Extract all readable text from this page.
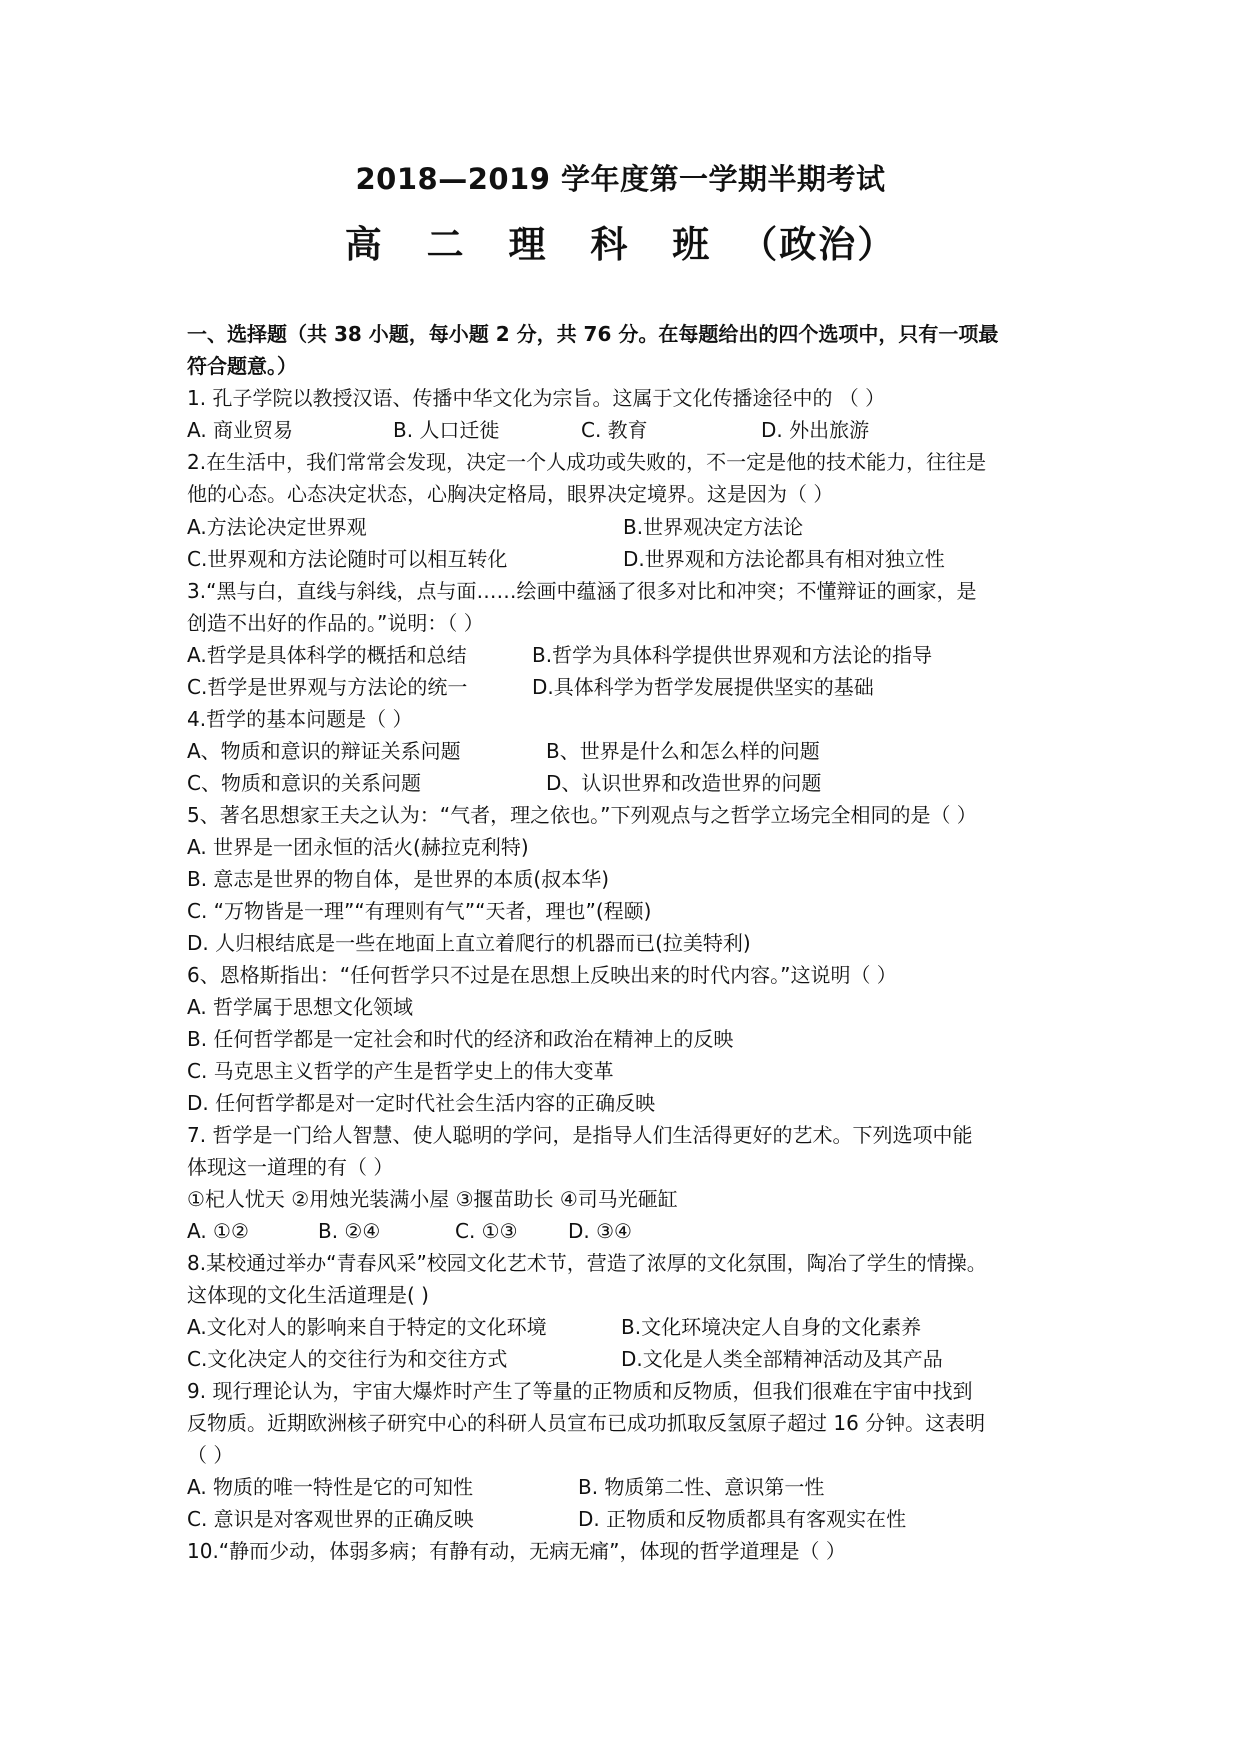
2018—2019 学年度第一学期半期考试
高 二 理 科 班 （政治）
一、选择题（共 38 小题，每小题 2 分，共 76 分。在每题给出的四个选项中，只有一项最
符合题意。）
1. 孔子学院以教授汉语、传播中华文化为宗旨。这属于文化传播途径中的 （ ）
A. 商业贸易	B. 人口迁徙	C. 教育	D. 外出旅游
2.在生活中，我们常常会发现，决定一个人成功或失败的，不一定是他的技术能力，往往是
他的心态。心态决定状态，心胸决定格局，眼界决定境界。这是因为（ ）
A.方法论决定世界观	B.世界观决定方法论
C.世界观和方法论随时可以相互转化	D.世界观和方法论都具有相对独立性
3.“黑与白，直线与斜线，点与面……绘画中蕴涵了很多对比和冲突；不懂辩证的画家，是
创造不出好的作品的。”说明：（ ）
A.哲学是具体科学的概括和总结	B.哲学为具体科学提供世界观和方法论的指导
C.哲学是世界观与方法论的统一	D.具体科学为哲学发展提供坚实的基础
4.哲学的基本问题是（ ）
A、物质和意识的辩证关系问题	B、世界是什么和怎么样的问题
C、物质和意识的关系问题	D、认识世界和改造世界的问题
5、著名思想家王夫之认为：“气者，理之依也。”下列观点与之哲学立场完全相同的是（ ）
A. 世界是一团永恒的活火(赫拉克利特)
B. 意志是世界的物自体，是世界的本质(叔本华)
C. “万物皆是一理”“有理则有气”“天者，理也”(程颐)
D. 人归根结底是一些在地面上直立着爬行的机器而已(拉美特利)
6、恩格斯指出：“任何哲学只不过是在思想上反映出来的时代内容。”这说明（ ）
A. 哲学属于思想文化领域
B. 任何哲学都是一定社会和时代的经济和政治在精神上的反映
C. 马克思主义哲学的产生是哲学史上的伟大变革
D. 任何哲学都是对一定时代社会生活内容的正确反映
7. 哲学是一门给人智慧、使人聪明的学问，是指导人们生活得更好的艺术。下列选项中能
体现这一道理的有（ ）
①杞人忧天 ②用烛光装满小屋 ③揠苗助长 ④司马光砸缸
A. ①②	B. ②④	C. ①③	D. ③④
8.某校通过举办“青春风采”校园文化艺术节，营造了浓厚的文化氛围，陶冶了学生的情操。
这体现的文化生活道理是( )
A.文化对人的影响来自于特定的文化环境	B.文化环境决定人自身的文化素养
C.文化决定人的交往行为和交往方式	D.文化是人类全部精神活动及其产品
9. 现行理论认为，宇宙大爆炸时产生了等量的正物质和反物质，但我们很难在宇宙中找到
反物质。近期欧洲核子研究中心的科研人员宣布已成功抓取反氢原子超过 16 分钟。这表明
（ ）
A. 物质的唯一特性是它的可知性	B. 物质第二性、意识第一性
C. 意识是对客观世界的正确反映	D. 正物质和反物质都具有客观实在性
10.“静而少动，体弱多病；有静有动，无病无痛”，体现的哲学道理是（ ）
